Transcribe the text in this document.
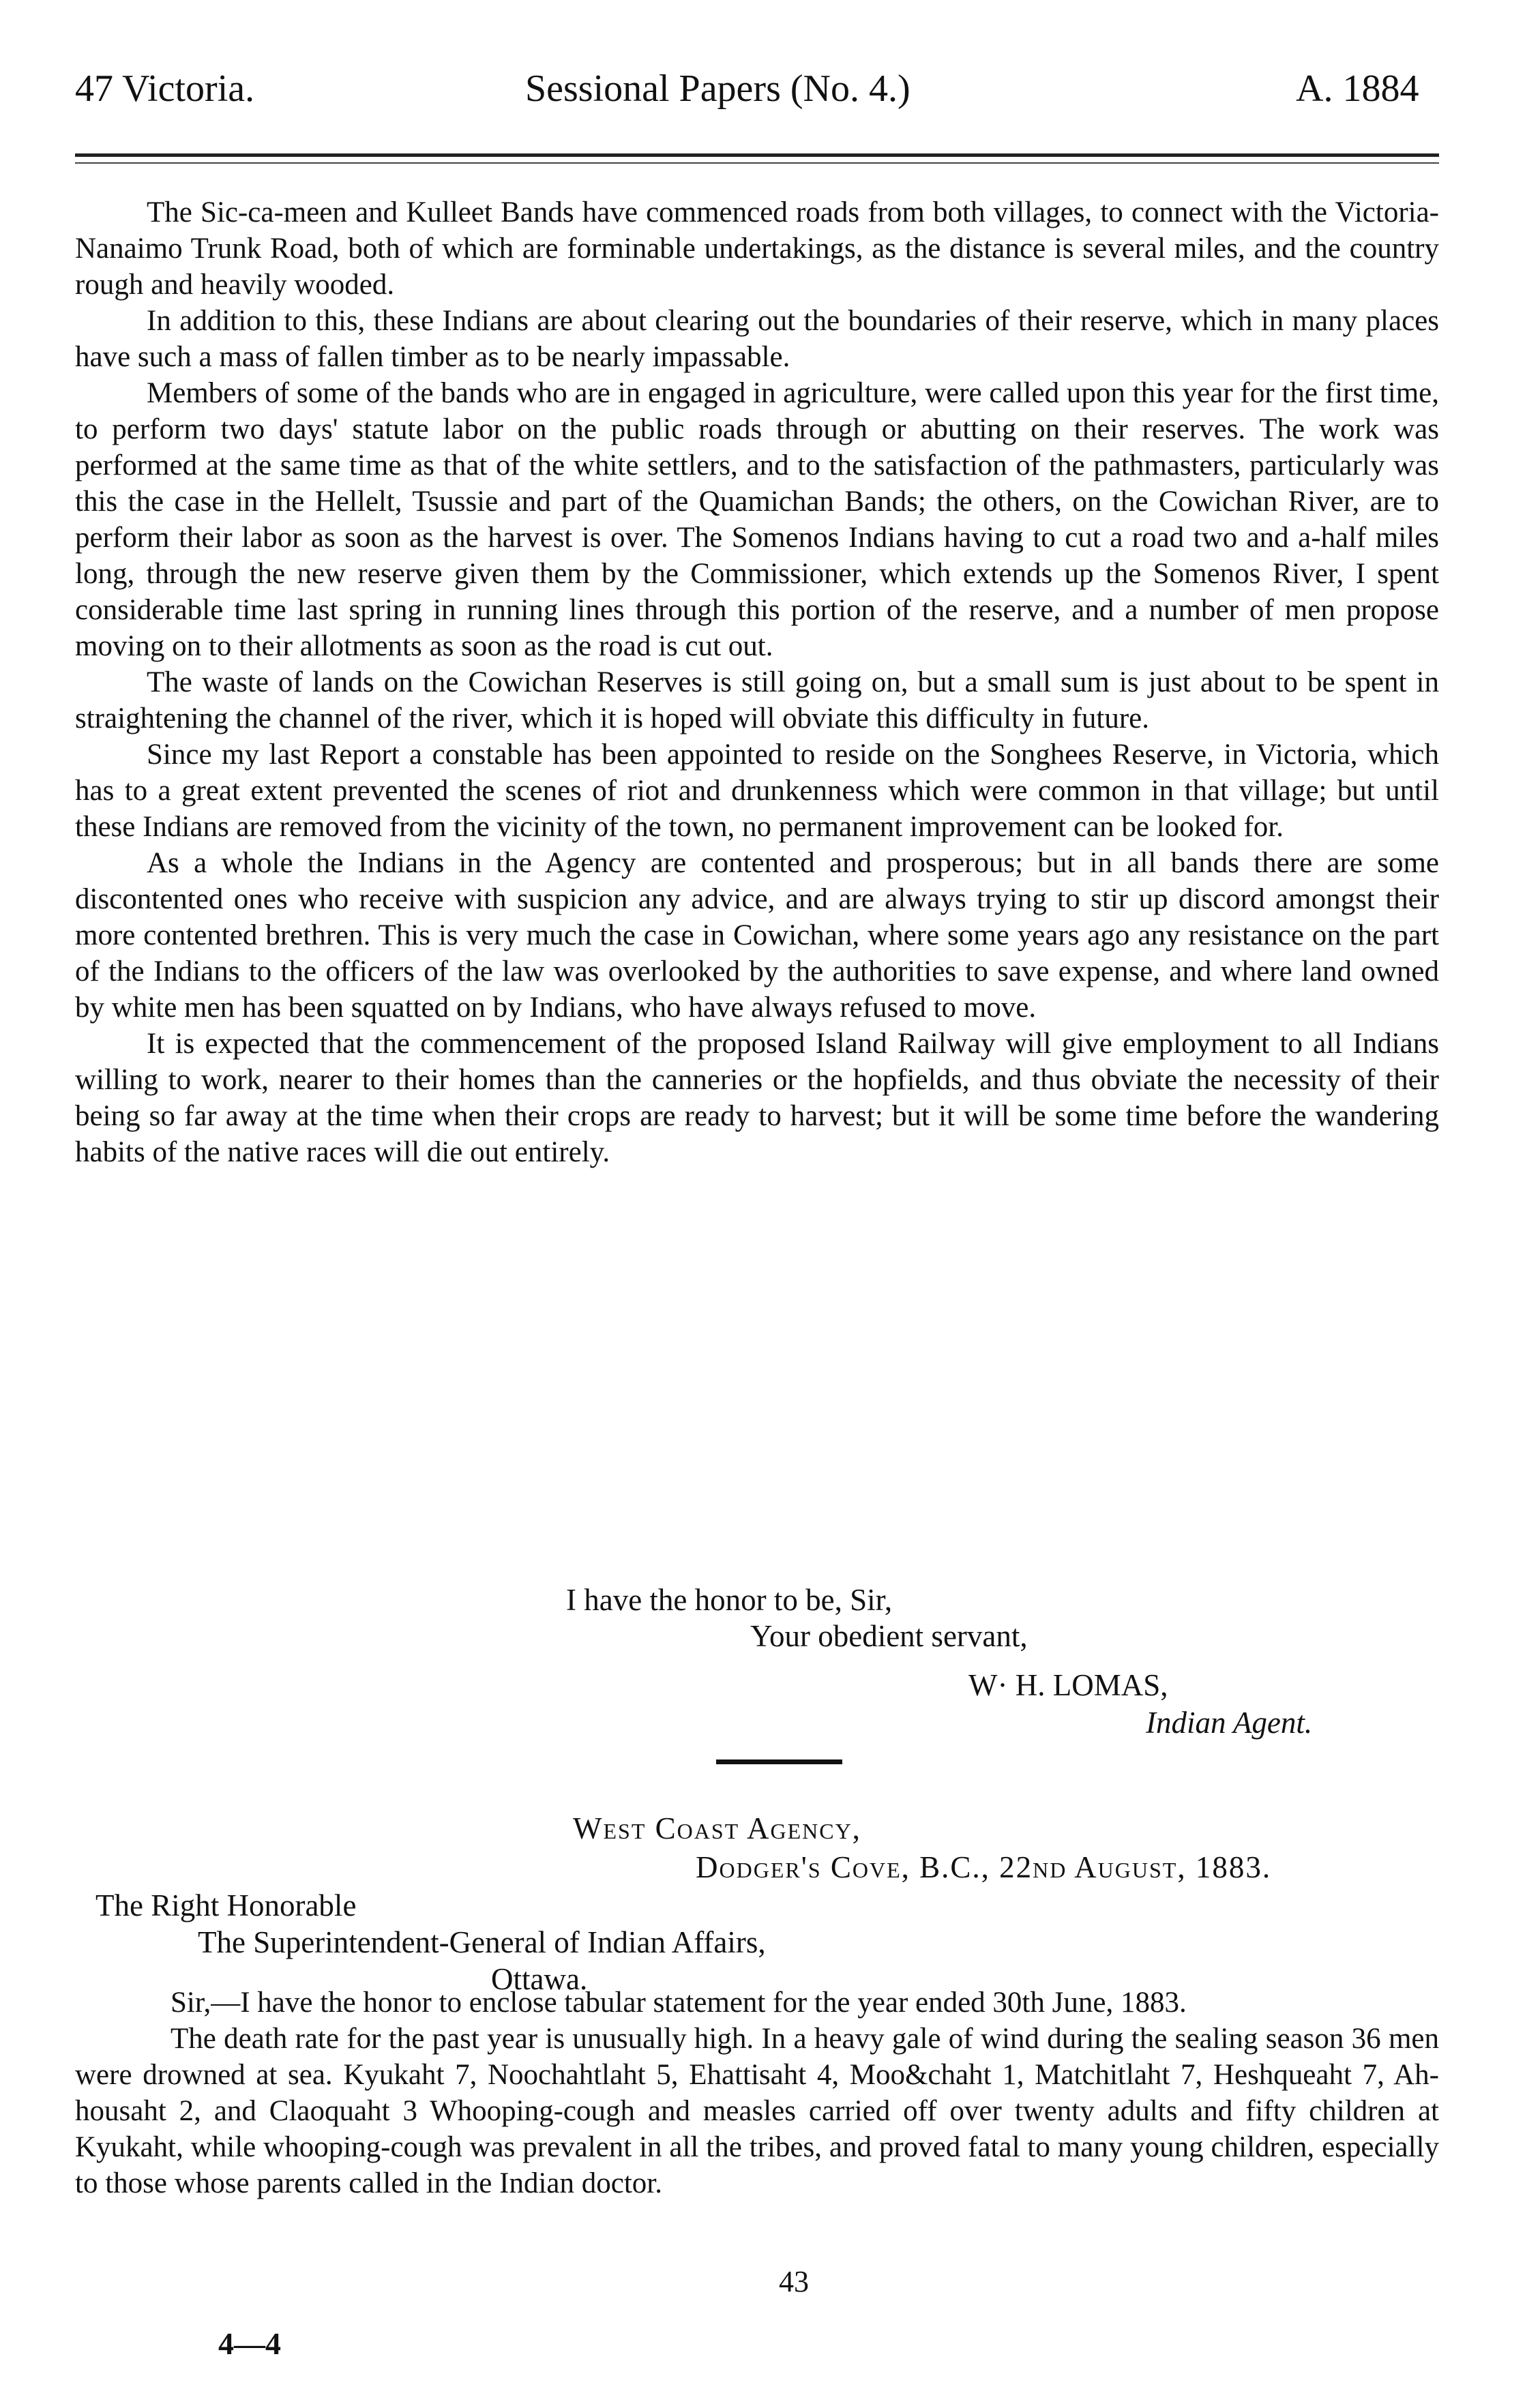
47 Victoria.	Sessional Papers (No. 4.)	A. 1884

The Sic-ca-meen and Kulleet Bands have commenced roads from both villages, to connect with the Victoria-Nanaimo Trunk Road, both of which are forminable undertakings, as the distance is several miles, and the country rough and heavily wooded.

In addition to this, these Indians are about clearing out the boundaries of their reserve, which in many places have such a mass of fallen timber as to be nearly impassable.

Members of some of the bands who are in engaged in agriculture, were called upon this year for the first time, to perform two days' statute labor on the public roads through or abutting on their reserves. The work was performed at the same time as that of the white settlers, and to the satisfaction of the pathmasters, particularly was this the case in the Hellelt, Tsussie and part of the Quamichan Bands; the others, on the Cowichan River, are to perform their labor as soon as the harvest is over. The Somenos Indians having to cut a road two and a-half miles long, through the new reserve given them by the Commissioner, which extends up the Somenos River, I spent considerable time last spring in running lines through this portion of the reserve, and a number of men propose moving on to their allotments as soon as the road is cut out.

The waste of lands on the Cowichan Reserves is still going on, but a small sum is just about to be spent in straightening the channel of the river, which it is hoped will obviate this difficulty in future.

Since my last Report a constable has been appointed to reside on the Songhees Reserve, in Victoria, which has to a great extent prevented the scenes of riot and drunkenness which were common in that village; but until these Indians are removed from the vicinity of the town, no permanent improvement can be looked for.

As a whole the Indians in the Agency are contented and prosperous; but in all bands there are some discontented ones who receive with suspicion any advice, and are always trying to stir up discord amongst their more contented brethren. This is very much the case in Cowichan, where some years ago any resistance on the part of the Indians to the officers of the law was overlooked by the authorities to save expense, and where land owned by white men has been squatted on by Indians, who have always refused to move.

It is expected that the commencement of the proposed Island Railway will give employment to all Indians willing to work, nearer to their homes than the canneries or the hopfields, and thus obviate the necessity of their being so far away at the time when their crops are ready to harvest; but it will be some time before the wandering habits of the native races will die out entirely.

I have the honor to be, Sir,
Your obedient servant,
W· H. LOMAS,
Indian Agent.
West Coast Agency,
Dodger's Cove, B.C., 22nd August, 1883.
The Right Honorable
The Superintendent-General of Indian Affairs,
Ottawa.

Sir,—I have the honor to enclose tabular statement for the year ended 30th June, 1883.

The death rate for the past year is unusually high. In a heavy gale of wind during the sealing season 36 men were drowned at sea. Kyukaht 7, Noochahtlaht 5, Ehattisaht 4, Moo&chaht 1, Matchitlaht 7, Heshqueaht 7, Ah-housaht 2, and Claoquaht 3 Whooping-cough and measles carried off over twenty adults and fifty children at Kyukaht, while whooping-cough was prevalent in all the tribes, and proved fatal to many young children, especially to those whose parents called in the Indian doctor.

43
4—4
